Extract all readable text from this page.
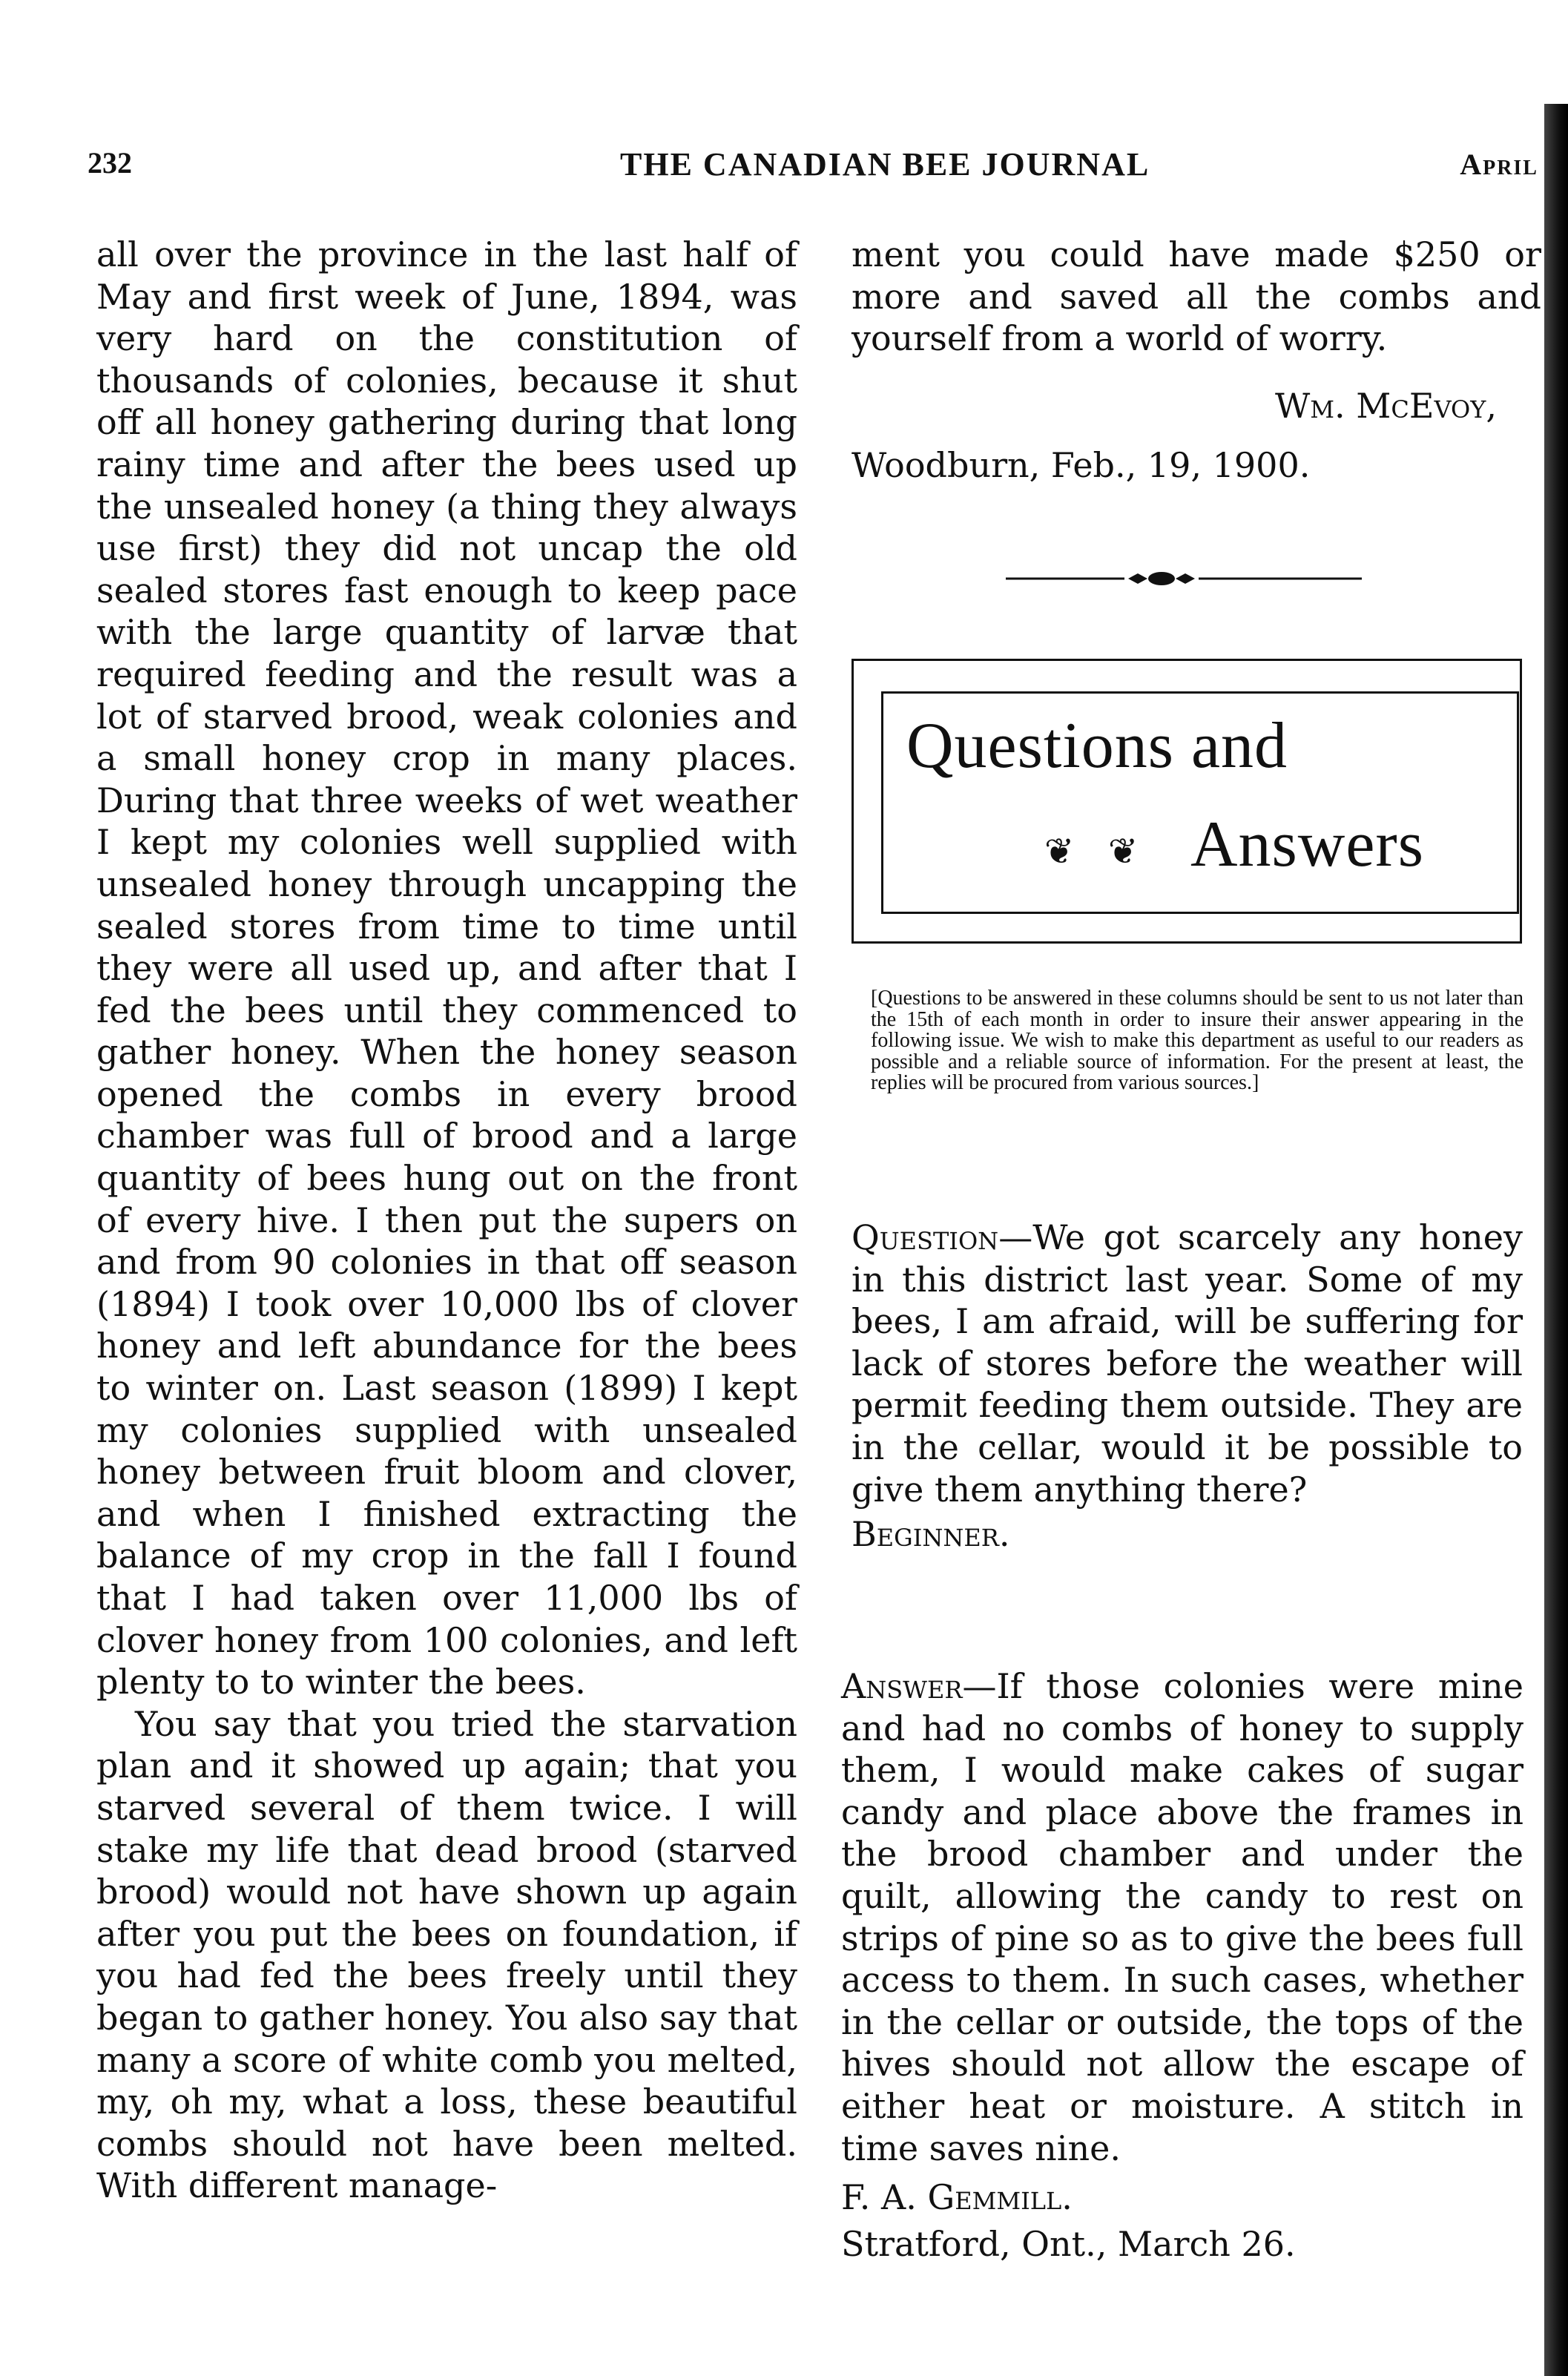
232	THE CANADIAN BEE JOURNAL	April

all over the province in the last half of May and first week of June, 1894, was very hard on the constitution of thousands of colonies, because it shut off all honey gathering during that long rainy time and after the bees used up the unsealed honey (a thing they always use first) they did not uncap the old sealed stores fast enough to keep pace with the large quantity of larvæ that required feeding and the result was a lot of starved brood, weak colonies and a small honey crop in many places. During that three weeks of wet weather I kept my colonies well supplied with unsealed honey through uncapping the sealed stores from time to time until they were all used up, and after that I fed the bees until they commenced to gather honey. When the honey season opened the combs in every brood chamber was full of brood and a large quantity of bees hung out on the front of every hive. I then put the supers on and from 90 colonies in that off season (1894) I took over 10,000 lbs of clover honey and left abundance for the bees to winter on. Last season (1899) I kept my colonies supplied with unsealed honey between fruit bloom and clover, and when I finished extracting the balance of my crop in the fall I found that I had taken over 11,000 lbs of clover honey from 100 colonies, and left plenty to to winter the bees.

You say that you tried the starvation plan and it showed up again; that you starved several of them twice. I will stake my life that dead brood (starved brood) would not have shown up again after you put the bees on foundation, if you had fed the bees freely until they began to gather honey. You also say that many a score of white comb you melted, my, oh my, what a loss, these beautiful combs should not have been melted. With different manage-

ment you could have made $250 or more and saved all the combs and yourself from a world of worry.

Wm. McEvoy,

Woodburn, Feb., 19, 1900.

Questions and
❦ ❦ Answers
[Questions to be answered in these columns should be sent to us not later than the 15th of each month in order to insure their answer appearing in the following issue. We wish to make this department as useful to our readers as possible and a reliable source of information. For the present at least, the replies will be procured from various sources.]

Question—We got scarcely any honey in this district last year. Some of my bees, I am afraid, will be suffering for lack of stores before the weather will permit feeding them outside. They are in the cellar, would it be possible to give them anything there?

Beginner.

Answer—If those colonies were mine and had no combs of honey to supply them, I would make cakes of sugar candy and place above the frames in the brood chamber and under the quilt, allowing the candy to rest on strips of pine so as to give the bees full access to them. In such cases, whether in the cellar or outside, the tops of the hives should not allow the escape of either heat or moisture. A stitch in time saves nine.

F. A. Gemmill.

Stratford, Ont., March 26.
